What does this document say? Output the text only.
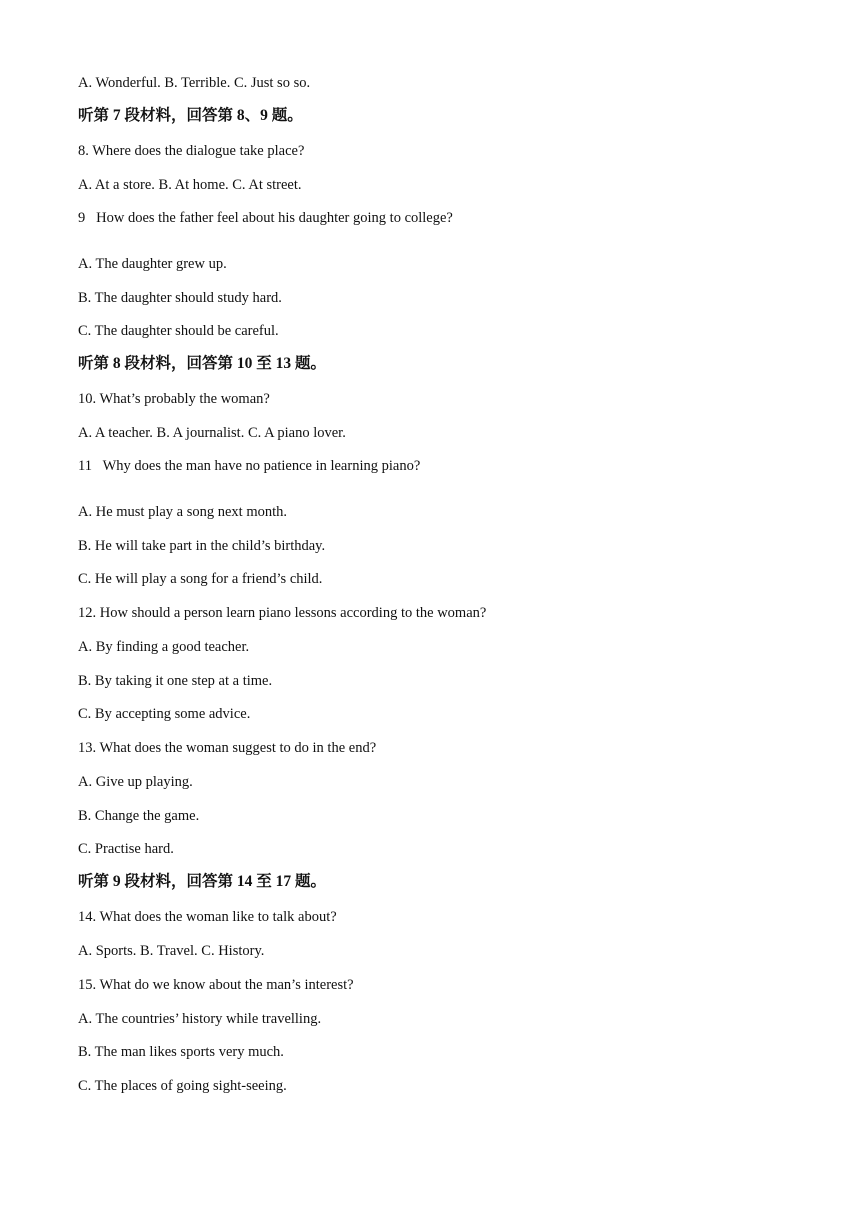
A. Wonderful. B. Terrible. C. Just so so.
听第 7 段材料，回答第 8、9 题。
8. Where does the dialogue take place?
A. At a store. B. At home. C. At street.
9   How does the father feel about his daughter going to college?
A. The daughter grew up.
B. The daughter should study hard.
C. The daughter should be careful.
听第 8 段材料，回答第 10 至 13 题。
10. What’s probably the woman?
A. A teacher. B. A journalist. C. A piano lover.
11   Why does the man have no patience in learning piano?
A. He must play a song next month.
B. He will take part in the child’s birthday.
C. He will play a song for a friend’s child.
12. How should a person learn piano lessons according to the woman?
A. By finding a good teacher.
B. By taking it one step at a time.
C. By accepting some advice.
13. What does the woman suggest to do in the end?
A. Give up playing.
B. Change the game.
C. Practise hard.
听第 9 段材料，回答第 14 至 17 题。
14. What does the woman like to talk about?
A. Sports. B. Travel. C. History.
15. What do we know about the man’s interest?
A. The countries’ history while travelling.
B. The man likes sports very much.
C. The places of going sight-seeing.
